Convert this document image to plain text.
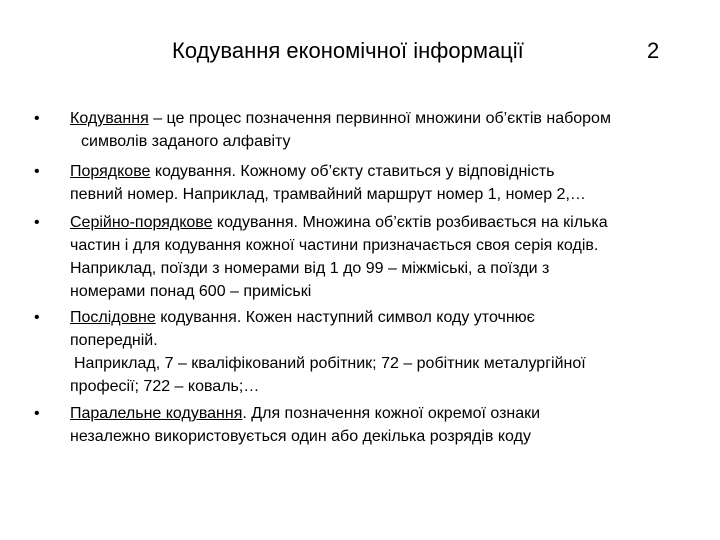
Кодування економічної інформації	2
• Кодування – це процес позначення первинної множини об’єктів набором
символів заданого алфавіту
• Порядкове кодування. Кожному об’єкту ставиться у відповідність
певний номер. Наприклад, трамвайний маршрут номер 1, номер 2,…
• Серійно-порядкове кодування. Множина об’єктів розбивається на кілька
частин і для кодування кожної частини призначається своя серія кодів.
Наприклад, поїзди з номерами від 1 до 99 – міжміські, а поїзди з
номерами понад 600 – приміські
• Послідовне кодування. Кожен наступний символ коду уточнює
попередній.
Наприклад, 7 – кваліфікований робітник; 72 – робітник металургійної
професії; 722 – коваль;…
• Паралельне кодування. Для позначення кожної окремої ознаки
незалежно використовується один або декілька розрядів коду
